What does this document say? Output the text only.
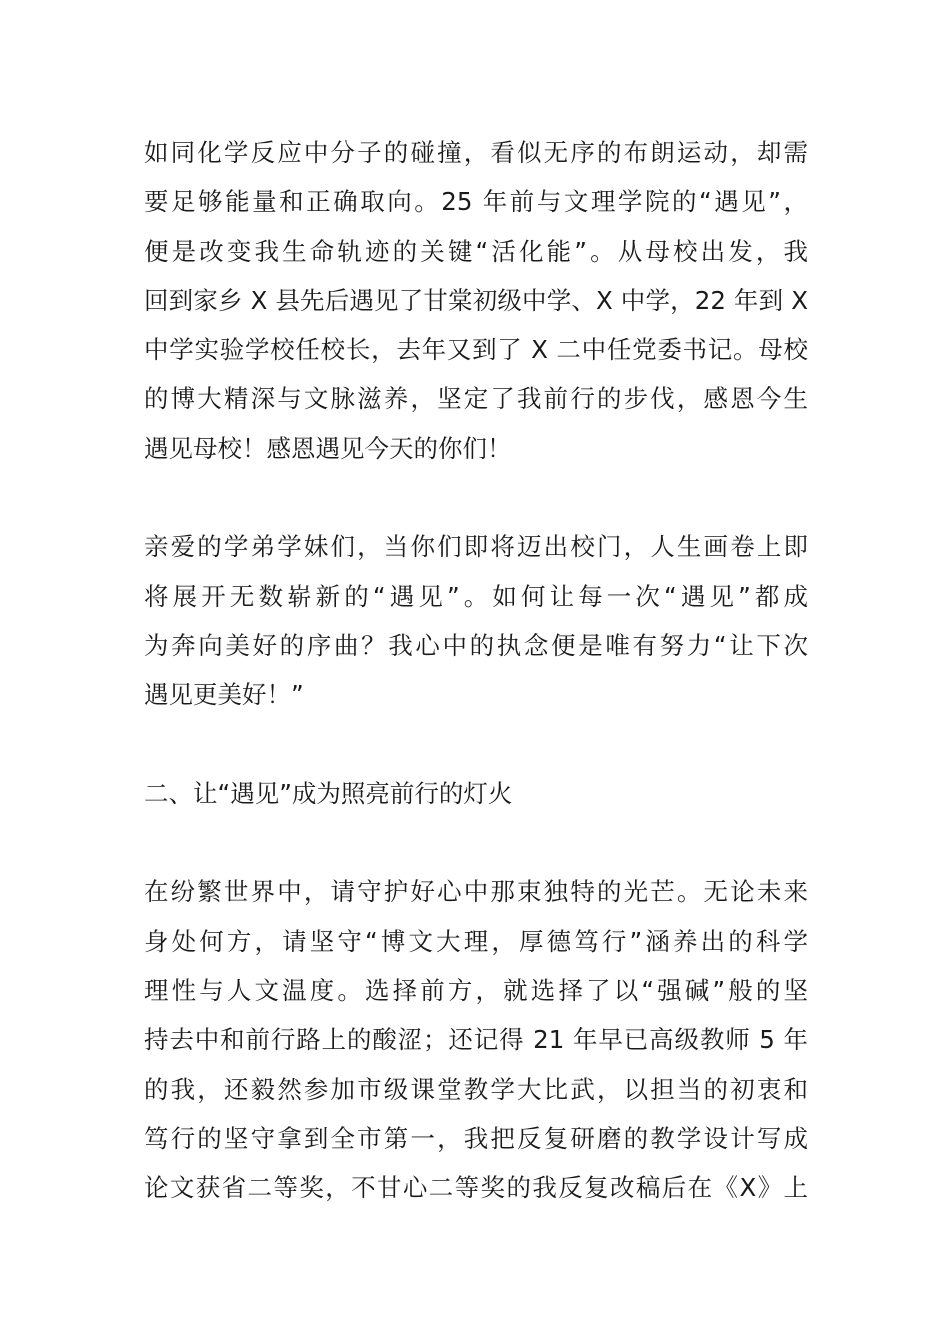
如同化学反应中分子的碰撞，看似无序的布朗运动，却需
要足够能量和正确取向。25 年前与文理学院的“遇见”，
便是改变我生命轨迹的关键“活化能”。从母校出发，我
回到家乡 X 县先后遇见了甘棠初级中学、X 中学，22 年到 X
中学实验学校任校长，去年又到了 X 二中任党委书记。母校
的博大精深与文脉滋养，坚定了我前行的步伐，感恩今生
遇见母校！感恩遇见今天的你们！
亲爱的学弟学妹们，当你们即将迈出校门，人生画卷上即
将展开无数崭新的“遇见”。如何让每一次“遇见”都成
为奔向美好的序曲？我心中的执念便是唯有努力“让下次
遇见更美好！”
二、让“遇见”成为照亮前行的灯火
在纷繁世界中，请守护好心中那束独特的光芒。无论未来
身处何方，请坚守“博文大理，厚德笃行”涵养出的科学
理性与人文温度。选择前方，就选择了以“强碱”般的坚
持去中和前行路上的酸涩；还记得 21 年早已高级教师 5 年
的我，还毅然参加市级课堂教学大比武，以担当的初衷和
笃行的坚守拿到全市第一，我把反复研磨的教学设计写成
论文获省二等奖，不甘心二等奖的我反复改稿后在《X》上
